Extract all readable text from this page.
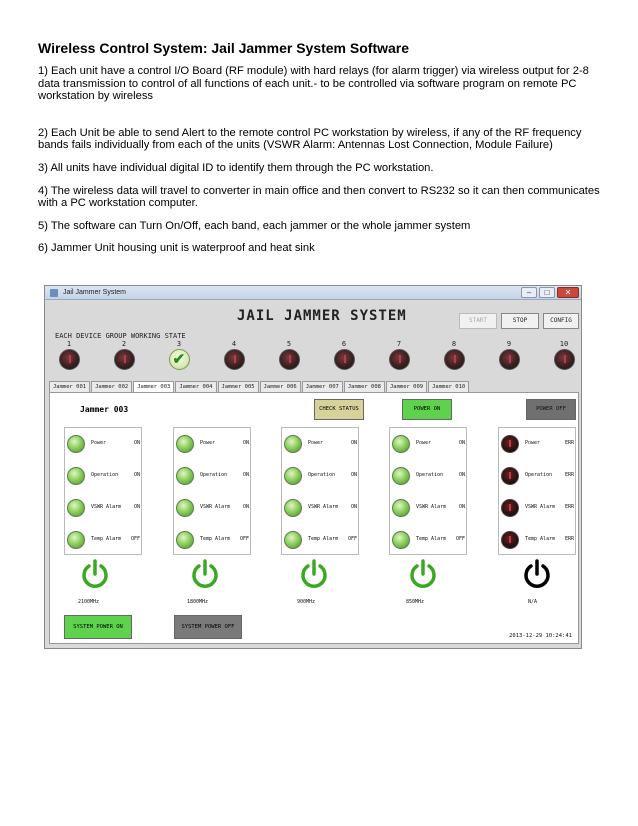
Wireless Control System: Jail Jammer System Software

1) Each unit have a control I/O Board (RF module) with hard relays (for alarm trigger) via wireless output for 2-8 data transmission to control of all functions of each unit.- to be controlled via software program on remote PC workstation by wireless

2) Each Unit be able to send Alert to the remote control PC workstation by wireless, if any of the RF frequency bands fails individually from each of the units (VSWR Alarm: Antennas Lost Connection, Module Failure)

3) All units have individual digital ID to identify them through the PC workstation.

4) The wireless data will travel to converter in main office and then convert to RS232 so it can then communicates with a PC workstation computer.

5) The software can Turn On/Off, each band, each jammer or the whole jammer system

6) Jammer Unit housing unit is waterproof and heat sink

Jail Jammer System	–	□	✕
JAIL JAMMER SYSTEM	START	STOP	CONFIG
EACH DEVICE GROUP WORKING STATE
1	2	3
✔
4	5	6	7	8	9	10
Jammer 001	Jammer 002	Jammer 003	Jammer 004	Jammer 005	Jammer 006	Jammer 007	Jammer 008	Jammer 009	Jammer 010
Jammer 003	CHECK STATUS	POWER ON	POWER OFF
Power	ON
Operation	ON
VSWR Alarm	ON
Temp Alarm OFF
Power	ON
Operation	ON
VSWR Alarm	ON
Temp Alarm OFF
Power	ON
Operation	ON
VSWR Alarm	ON
Temp Alarm OFF
Power	ON
Operation	ON
VSWR Alarm	ON
Temp Alarm OFF
Power	ERR
Operation	ERR
VSWR Alarm ERR
Temp Alarm ERR
2100MHz	1800MHz	900MHz	850MHz	N/A
SYSTEM POWER ON	SYSTEM POWER OFF
2013-12-29 10:24:41
